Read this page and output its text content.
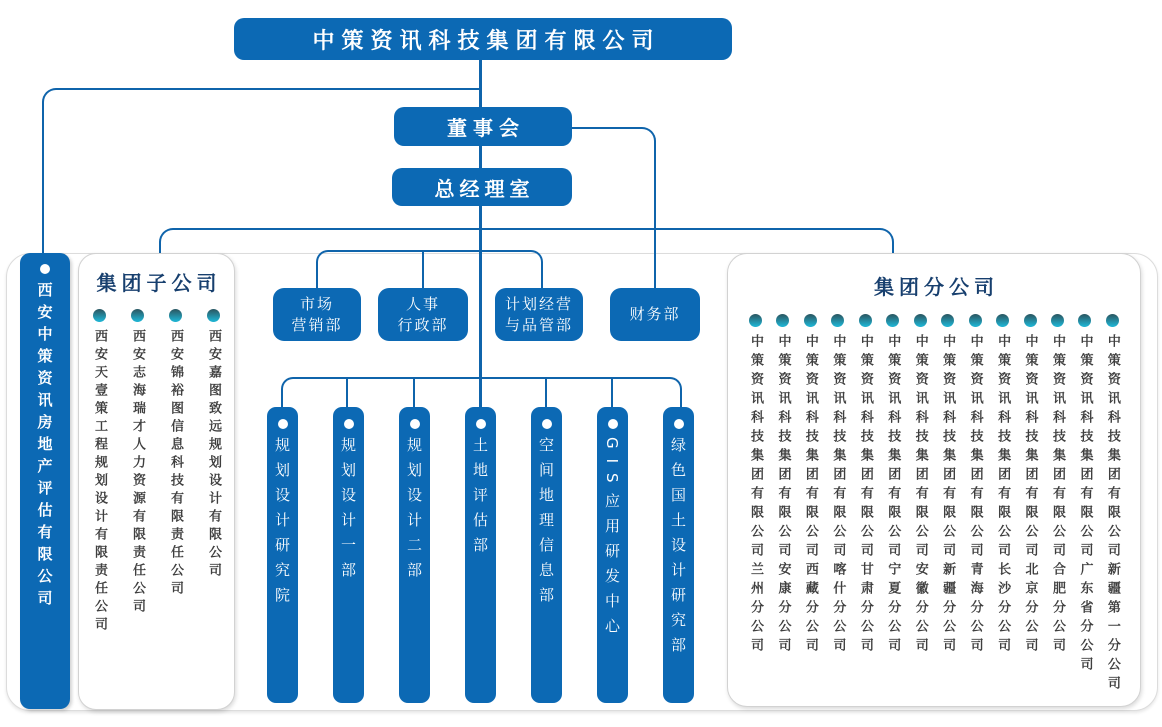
中策资讯科技集团有限公司
董事会
总经理室
市场
营销部
人事
行政部
计划经营
与品管部
财务部
西安中策资讯房地产评估有限公司	集团子公司
西安天壹策工程规划设计有限责任公司 西安志海瑞才人力资源有限责任公司 西安锦裕图信息科技有限责任公司 西安嘉图致远规划设计有限公司	规划设计研究院	规划设计一部	规划设计二部	土地评估部	空间地理信息部	GIS应用研发中心	绿色国土设计研究部
集团分公司
中策资讯科技集团有限公司兰州分公司 中策资讯科技集团有限公司安康分公司 中策资讯科技集团有限公司西藏分公司 中策资讯科技集团有限公司喀什分公司 中策资讯科技集团有限公司甘肃分公司 中策资讯科技集团有限公司宁夏分公司 中策资讯科技集团有限公司安徽分公司 中策资讯科技集团有限公司新疆分公司 中策资讯科技集团有限公司青海分公司 中策资讯科技集团有限公司长沙分公司 中策资讯科技集团有限公司北京分公司 中策资讯科技集团有限公司合肥分公司 中策资讯科技集团有限公司广东省分公司 中策资讯科技集团有限公司新疆第一分公司
